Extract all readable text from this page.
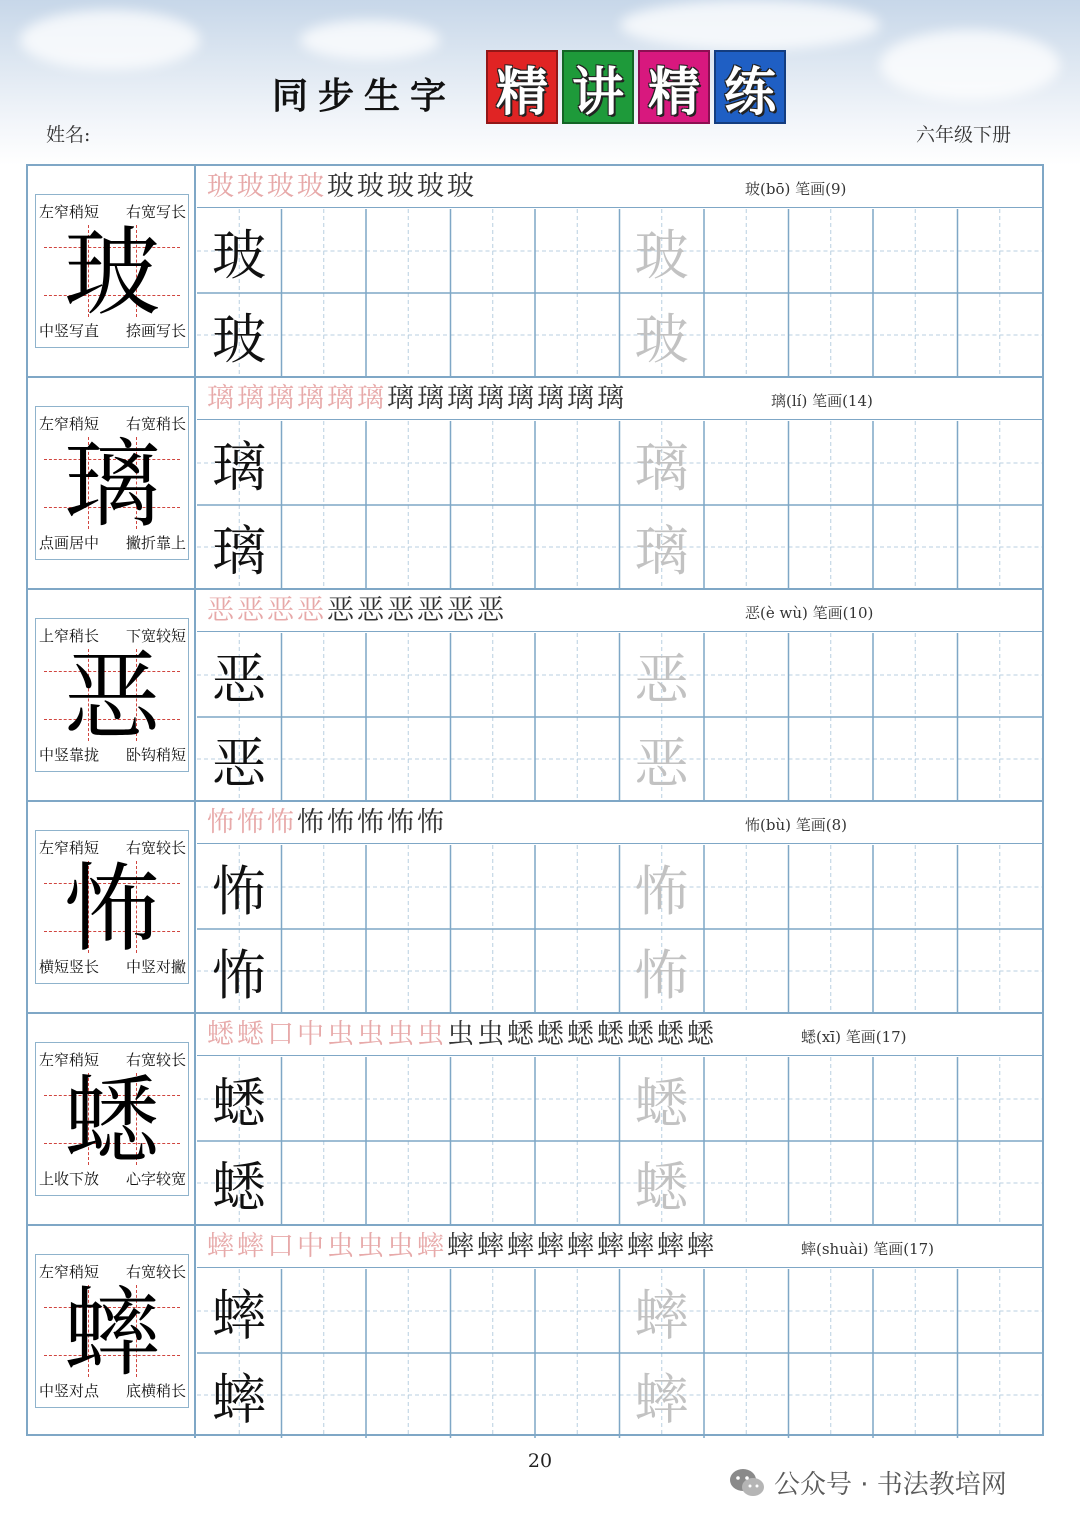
同步生字 精 讲 精 练
姓名:	六年级下册
左窄稍短 右宽写长
中竖写直 捺画写长
玻
玻玻玻玻玻玻玻玻玻	玻(bō) 笔画(9)
玻	玻
玻	玻
左窄稍短 右宽稍长
点画居中 撇折靠上
璃
璃璃璃璃璃璃璃璃璃璃璃璃璃璃	璃(lí) 笔画(14)
璃	璃
璃	璃
上窄稍长 下宽较短
中竖靠拢 卧钩稍短
恶
恶恶恶恶恶恶恶恶恶恶	恶(è wù) 笔画(10)
恶	恶
恶	恶
左窄稍短 右宽较长
横短竖长 中竖对撇
怖
怖怖怖怖怖怖怖怖	怖(bù) 笔画(8)
怖	怖
怖	怖
左窄稍短 右宽较长
上收下放 心字较宽
蟋
蟋蟋口中虫虫虫虫虫虫蟋蟋蟋蟋蟋蟋蟋	蟋(xī) 笔画(17)
蟋	蟋
蟋	蟋
左窄稍短 右宽较长
中竖对点 底横稍长
蟀
蟀蟀口中虫虫虫蟀蟀蟀蟀蟀蟀蟀蟀蟀蟀	蟀(shuài) 笔画(17)
蟀	蟀
蟀	蟀
20
公众号 · 书法教培网
